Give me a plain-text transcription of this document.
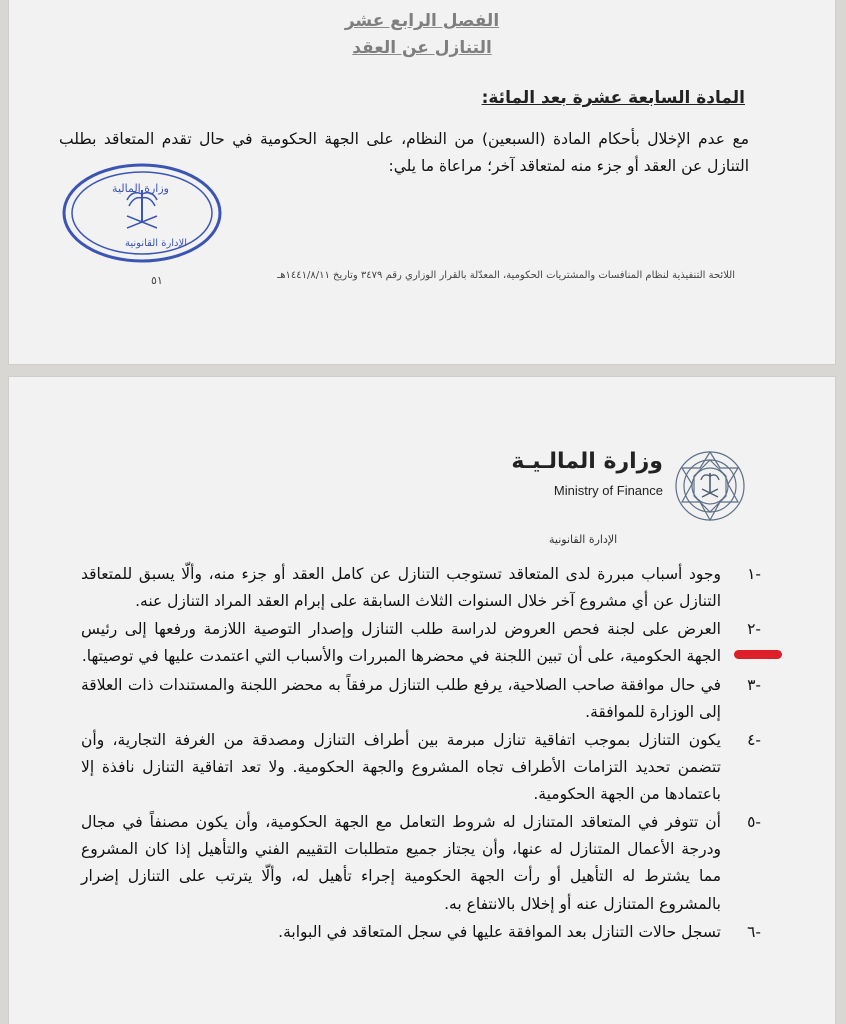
الفصل الرابع عشر
التنازل عن العقد
المادة السابعة عشرة بعد المائة:
مع عدم الإخلال بأحكام المادة (السبعين) من النظام، على الجهة الحكومية في حال تقدم المتعاقد بطلب التنازل عن العقد أو جزء منه لمتعاقد آخر؛ مراعاة ما يلي:
وزارة المالية
الإدارة القانونية
٥١	اللائحة التنفيذية لنظام المنافسات والمشتريات الحكومية، المعدّلة بالقرار الوزاري رقم ٣٤٧٩ وتاريخ ١٤٤١/٨/١١هـ
وزارة المالـيـة
Ministry of Finance
الإدارة القانونية
-١
وجود أسباب مبررة لدى المتعاقد تستوجب التنازل عن كامل العقد أو جزء منه، وألّا يسبق للمتعاقد التنازل عن أي مشروع آخر خلال السنوات الثلاث السابقة على إبرام العقد المراد التنازل عنه.
-٢
العرض على لجنة فحص العروض لدراسة طلب التنازل وإصدار التوصية اللازمة ورفعها إلى رئيس الجهة الحكومية، على أن تبين اللجنة في محضرها المبررات والأسباب التي اعتمدت عليها في توصيتها.
-٣
في حال موافقة صاحب الصلاحية، يرفع طلب التنازل مرفقاً به محضر اللجنة والمستندات ذات العلاقة إلى الوزارة للموافقة.
-٤
يكون التنازل بموجب اتفاقية تنازل مبرمة بين أطراف التنازل ومصدقة من الغرفة التجارية، وأن تتضمن تحديد التزامات الأطراف تجاه المشروع والجهة الحكومية. ولا تعد اتفاقية التنازل نافذة إلا باعتمادها من الجهة الحكومية.
-٥
أن تتوفر في المتعاقد المتنازل له شروط التعامل مع الجهة الحكومية، وأن يكون مصنفاً في مجال ودرجة الأعمال المتنازل له عنها، وأن يجتاز جميع متطلبات التقييم الفني والتأهيل إذا كان المشروع مما يشترط له التأهيل أو رأت الجهة الحكومية إجراء تأهيل له، وألّا يترتب على التنازل إضرار بالمشروع المتنازل عنه أو إخلال بالانتفاع به.
-٦
تسجل حالات التنازل بعد الموافقة عليها في سجل المتعاقد في البوابة.
